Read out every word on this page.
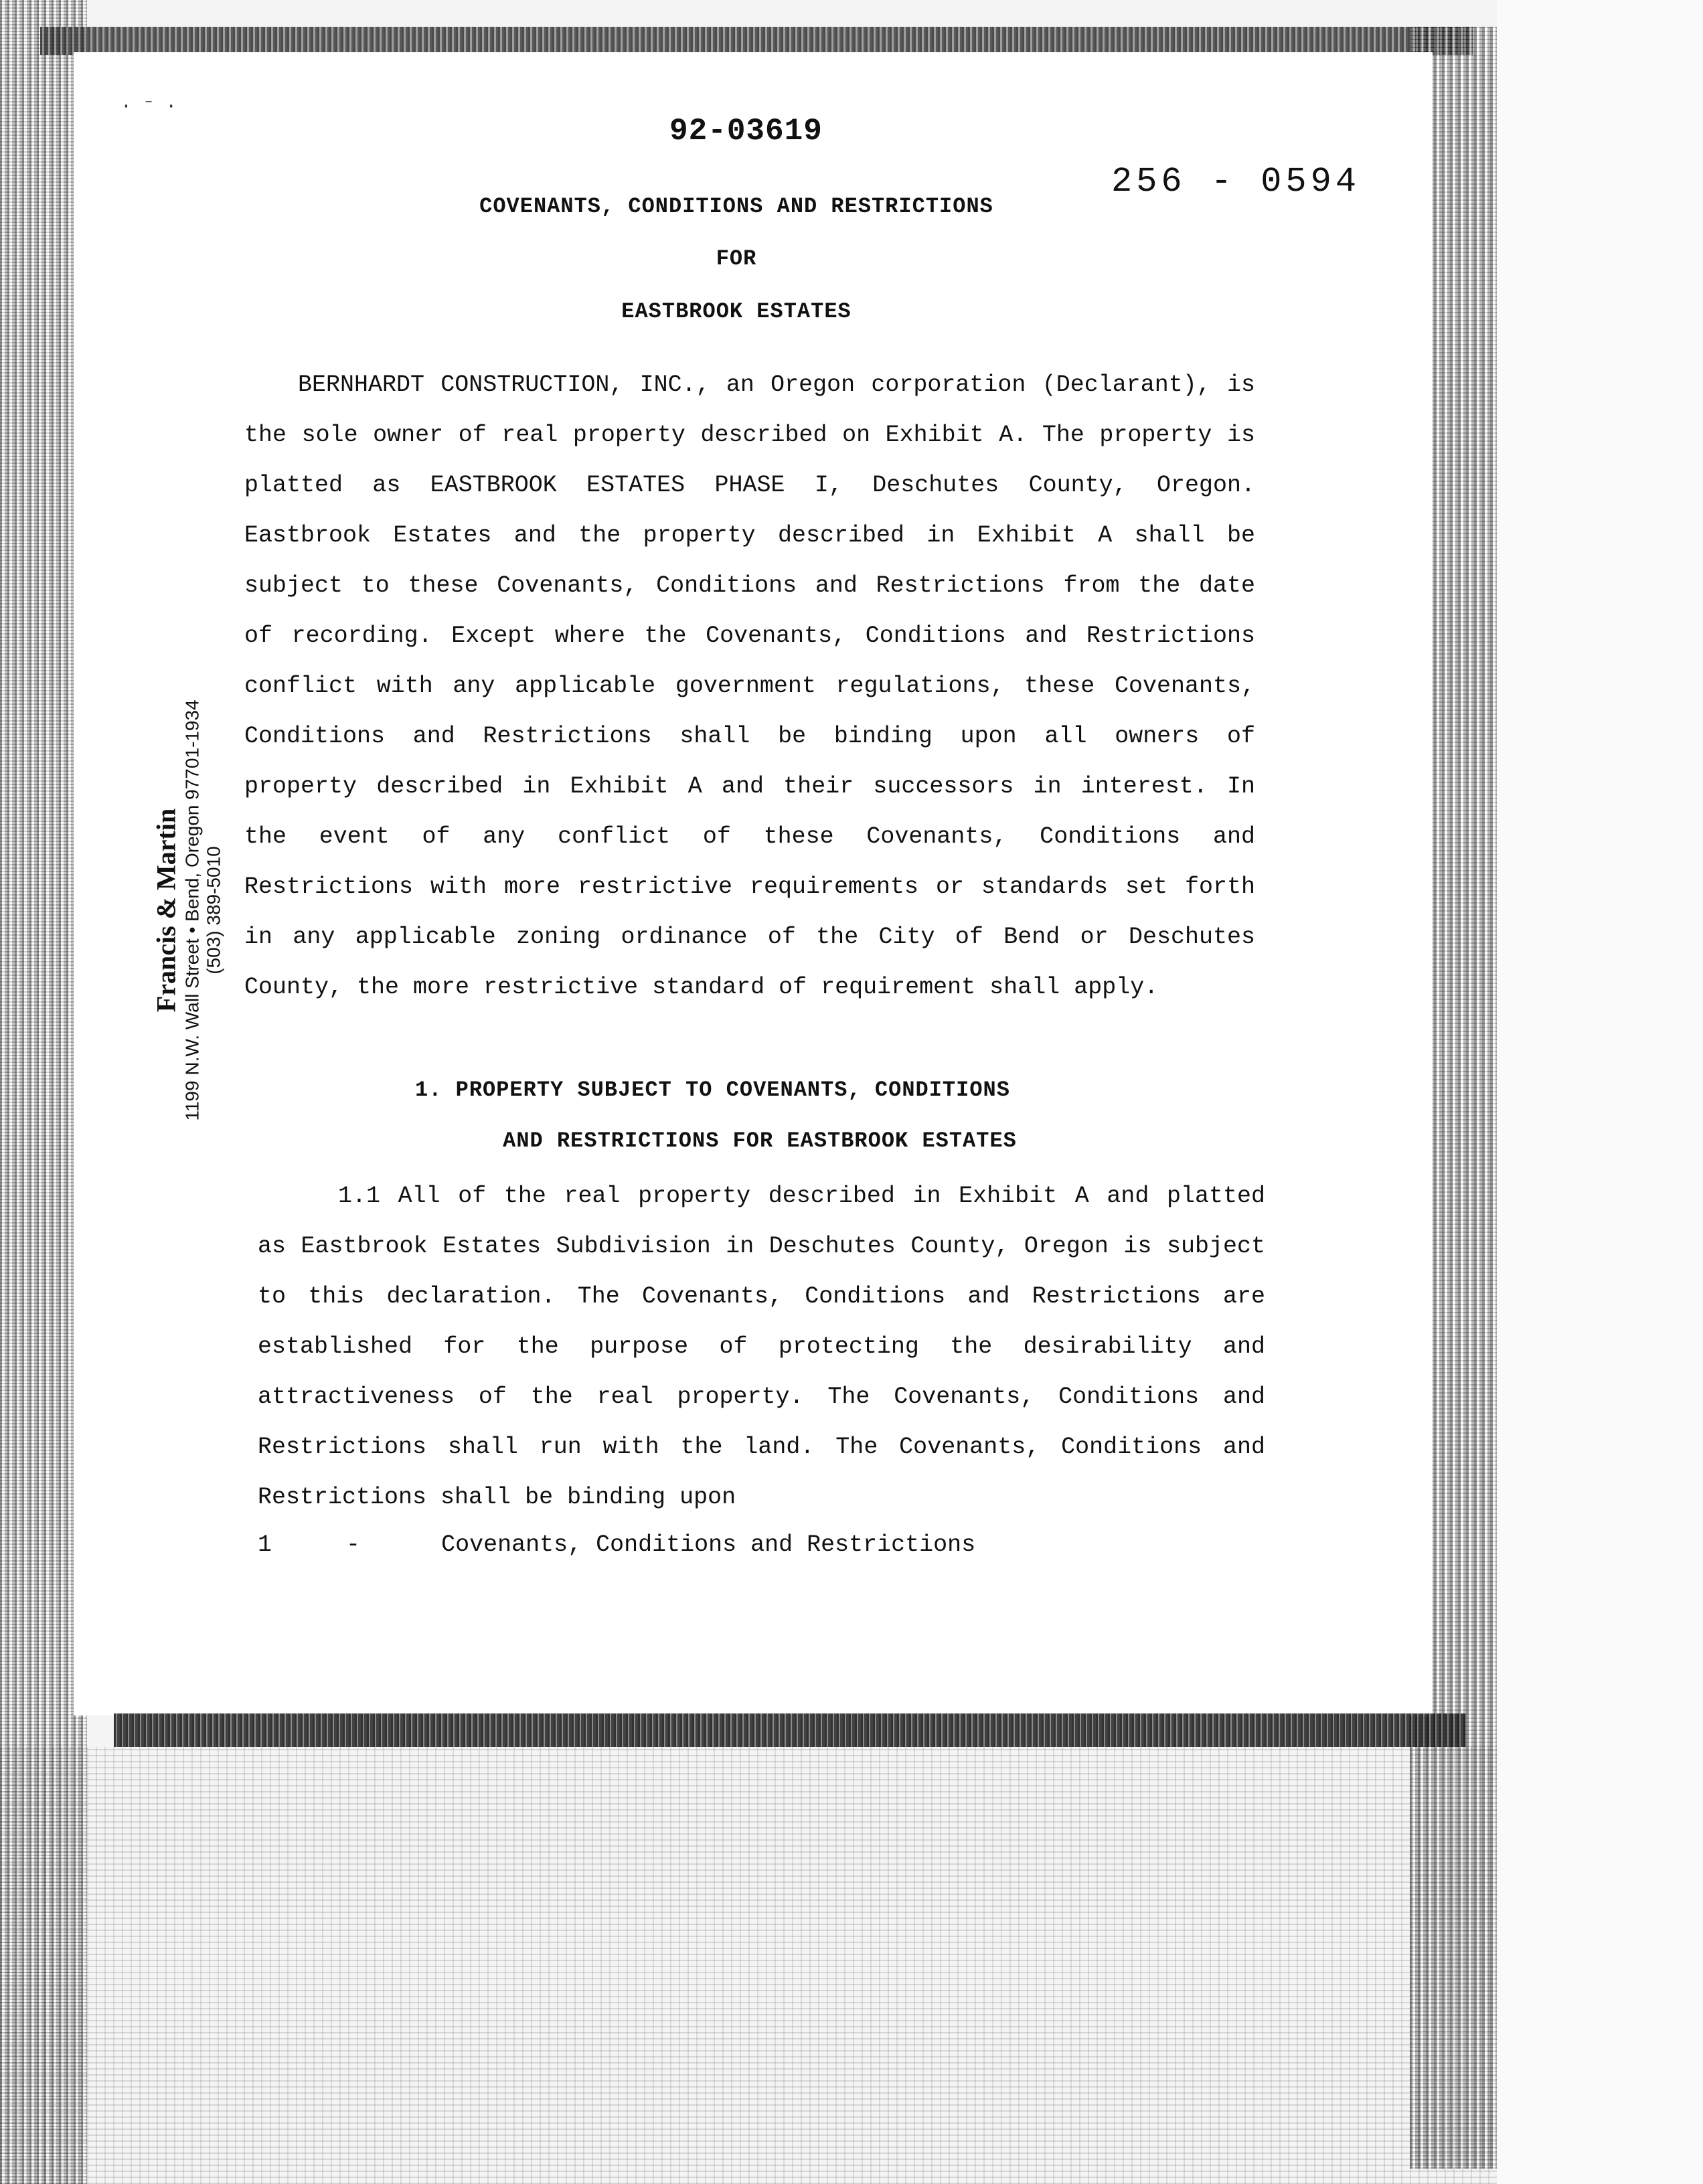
· ⁻ ·
92-03619
256 - 0594
COVENANTS, CONDITIONS AND RESTRICTIONS
FOR
EASTBROOK ESTATES

BERNHARDT CONSTRUCTION, INC., an Oregon corporation (Declarant), is the sole owner of real property described on Exhibit A. The property is platted as EASTBROOK ESTATES PHASE I, Deschutes County, Oregon. Eastbrook Estates and the property described in Exhibit A shall be subject to these Covenants, Conditions and Restrictions from the date of recording. Except where the Covenants, Conditions and Restrictions conflict with any applicable government regulations, these Covenants, Conditions and Restrictions shall be binding upon all owners of property described in Exhibit A and their successors in interest. In the event of any conflict of these Covenants, Conditions and Restrictions with more restrictive requirements or standards set forth in any applicable zoning ordinance of the City of Bend or Deschutes County, the more restrictive standard of requirement shall apply.

1. PROPERTY SUBJECT TO COVENANTS, CONDITIONS
AND RESTRICTIONS FOR EASTBROOK ESTATES

1.1 All of the real property described in Exhibit A and platted as Eastbrook Estates Subdivision in Deschutes County, Oregon is subject to this declaration. The Covenants, Conditions and Restrictions are established for the purpose of protecting the desirability and attractiveness of the real property. The Covenants, Conditions and Restrictions shall run with the land. The Covenants, Conditions and Restrictions shall be binding upon

1	-	Covenants, Conditions and Restrictions
Francis & Martin 1199 N.W. Wall Street • Bend, Oregon 97701-1934 (503) 389-5010
